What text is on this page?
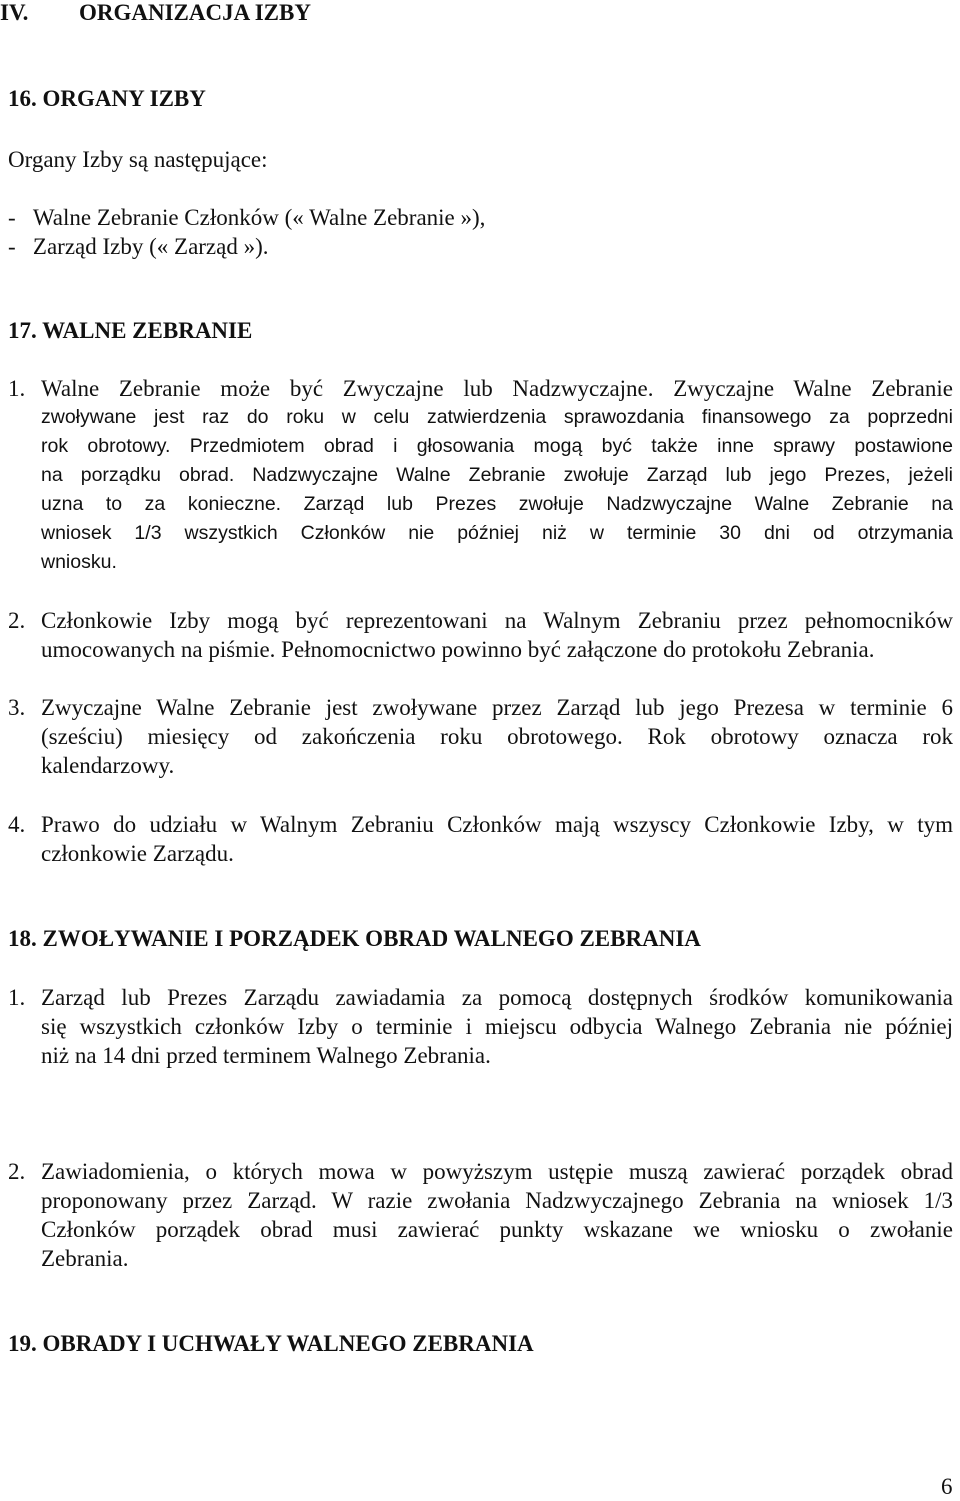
IV. ORGANIZACJA IZBY
16. ORGANY IZBY
Organy Izby są następujące:
-   Walne Zebranie Członków (« Walne Zebranie »),
-   Zarząd Izby (« Zarząd »).
17. WALNE ZEBRANIE
1. Walne Zebranie może być Zwyczajne lub Nadzwyczajne. Zwyczajne Walne Zebranie
zwoływane jest raz do roku w celu zatwierdzenia sprawozdania finansowego za poprzedni
rok obrotowy. Przedmiotem obrad i głosowania mogą być także inne sprawy postawione
na porządku obrad. Nadzwyczajne Walne Zebranie zwołuje Zarząd lub jego Prezes, jeżeli
uzna to za konieczne. Zarząd lub Prezes zwołuje Nadzwyczajne Walne Zebranie na
wniosek 1/3 wszystkich Członków nie później niż w terminie 30 dni od otrzymania
wniosku.
2. Członkowie Izby mogą być reprezentowani na Walnym Zebraniu przez pełnomocników
umocowanych na piśmie. Pełnomocnictwo powinno być załączone do protokołu Zebrania.
3. Zwyczajne Walne Zebranie jest zwoływane przez Zarząd lub jego Prezesa w terminie 6
(sześciu) miesięcy od zakończenia roku obrotowego. Rok obrotowy oznacza rok
kalendarzowy.
4. Prawo do udziału w Walnym Zebraniu Członków mają wszyscy Członkowie Izby, w tym
członkowie Zarządu.
18. ZWOŁYWANIE I PORZĄDEK OBRAD WALNEGO ZEBRANIA
1. Zarząd lub Prezes Zarządu zawiadamia za pomocą dostępnych środków komunikowania
się wszystkich członków Izby o terminie i miejscu odbycia Walnego Zebrania nie później
niż na 14 dni przed terminem Walnego Zebrania.
2. Zawiadomienia, o których mowa w powyższym ustępie muszą zawierać porządek obrad
proponowany przez Zarząd. W razie zwołania Nadzwyczajnego Zebrania na wniosek 1/3
Członków porządek obrad musi zawierać punkty wskazane we wniosku o zwołanie
Zebrania.
19. OBRADY I UCHWAŁY WALNEGO ZEBRANIA
6
